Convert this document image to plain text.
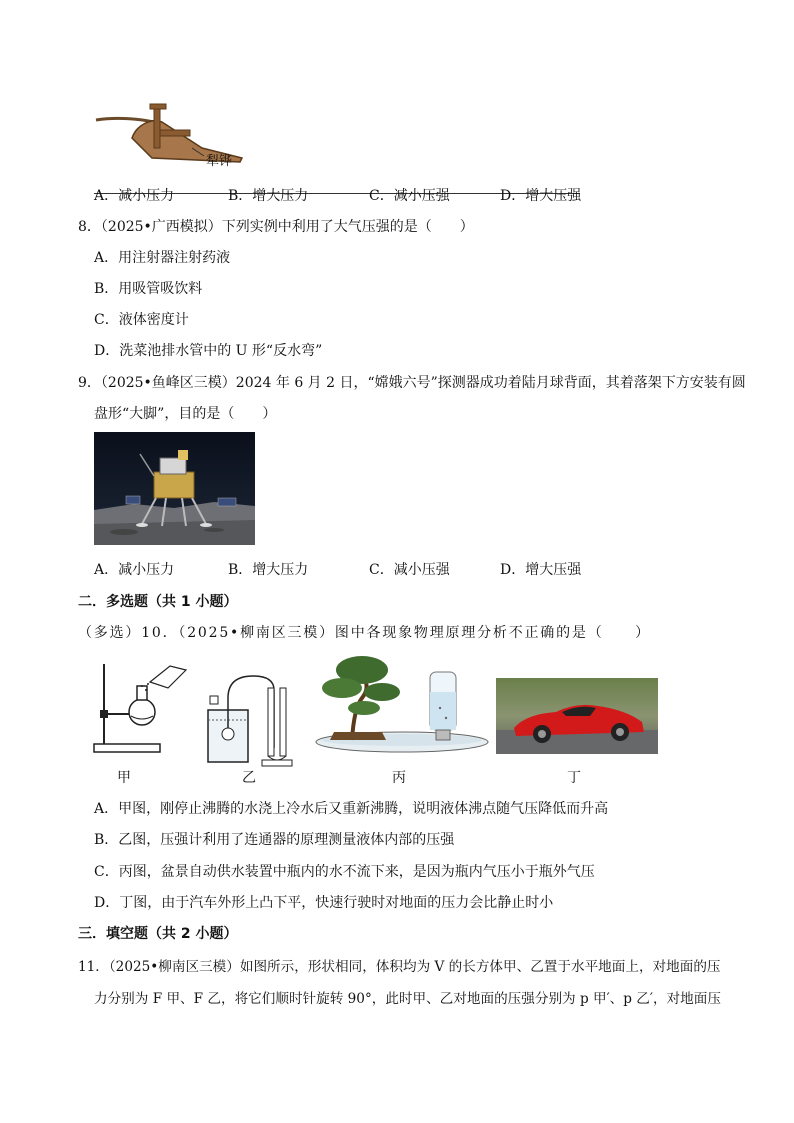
犁铧
A．减小压力	B．增大压力	C．减小压强	D．增大压强
8．（2025•广西模拟）下列实例中利用了大气压强的是（　　）
A．用注射器注射药液
B．用吸管吸饮料
C．液体密度计
D．洗菜池排水管中的 U 形“反水弯”
9．（2025•鱼峰区三模）2024 年 6 月 2 日，“嫦娥六号”探测器成功着陆月球背面，其着落架下方安装有圆
盘形“大脚”，目的是（　　）
A．减小压力	B．增大压力	C．减小压强	D．增大压强
二．多选题（共 1 小题）
（多选）10．（2025•柳南区三模）图中各现象物理原理分析不正确的是（　　）
甲	乙	丙	丁
A．甲图，刚停止沸腾的水浇上冷水后又重新沸腾，说明液体沸点随气压降低而升高
B．乙图，压强计利用了连通器的原理测量液体内部的压强
C．丙图，盆景自动供水装置中瓶内的水不流下来，是因为瓶内气压小于瓶外气压
D．丁图，由于汽车外形上凸下平，快速行驶时对地面的压力会比静止时小
三．填空题（共 2 小题）
11．（2025•柳南区三模）如图所示，形状相同，体积均为 V 的长方体甲、乙置于水平地面上，对地面的压
力分别为 F 甲、F 乙，将它们顺时针旋转 90°，此时甲、乙对地面的压强分别为 p 甲′、p 乙′，对地面压
